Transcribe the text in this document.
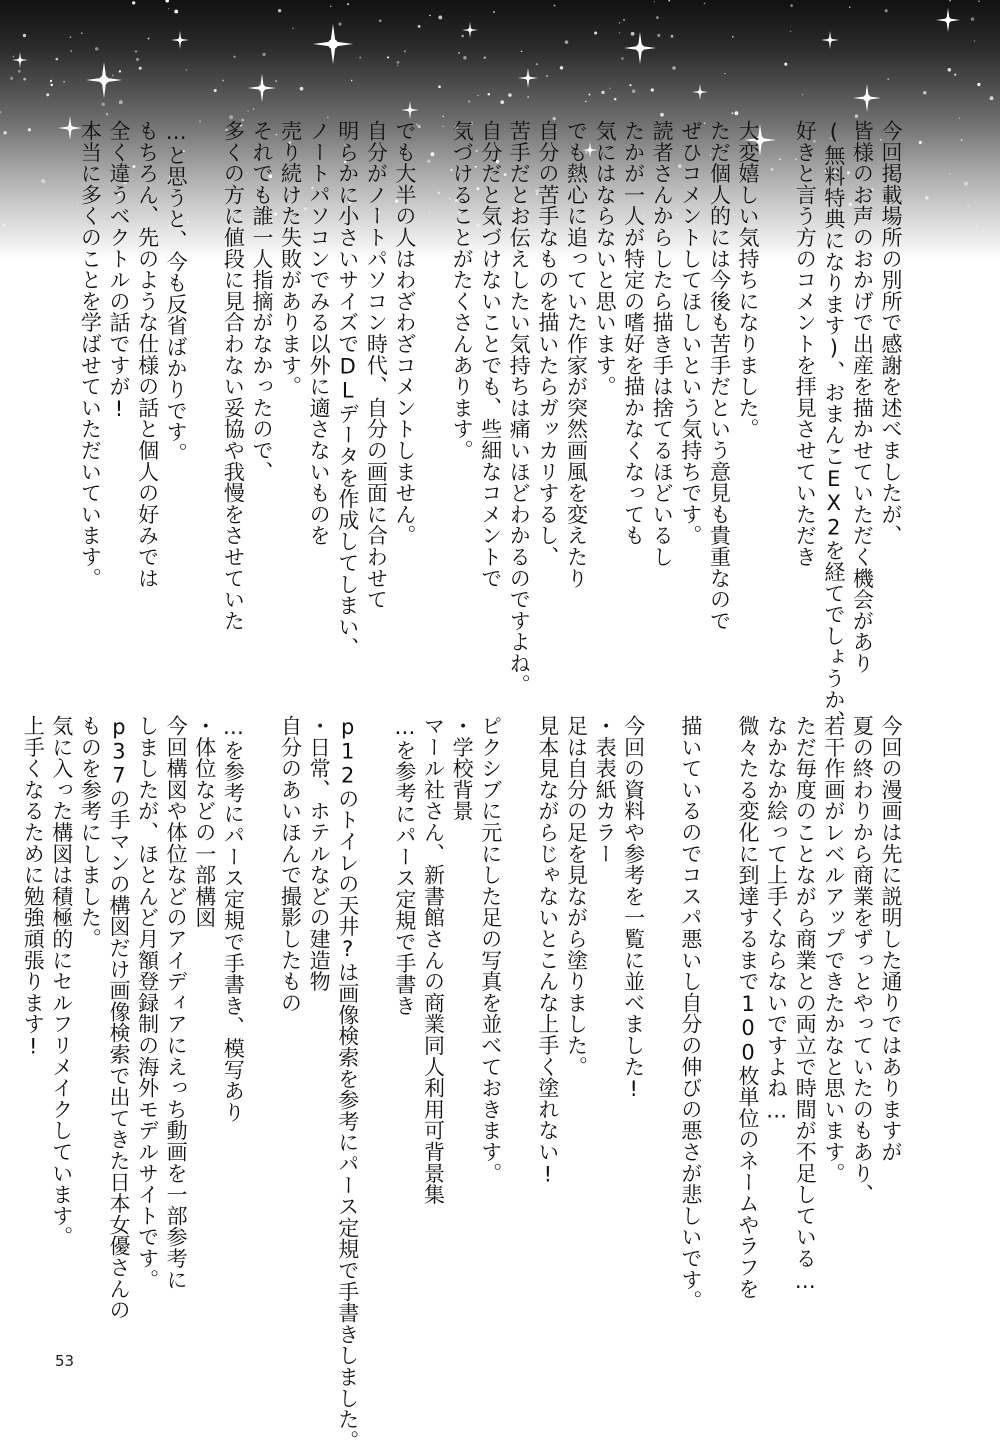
今回掲載場所の別所で感謝を述べましたが、

皆様のお声のおかげで出産を描かせていただく機会があり

(無料特典になります)、おまんこEX2を経てでしょうか、

好きと言う方のコメントを拝見させていただき

大変嬉しい気持ちになりました。

ただ個人的には今後も苦手だという意見も貴重なので

ぜひコメントしてほしいという気持ちです。

読者さんからしたら描き手は捨てるほどいるし

たかが一人が特定の嗜好を描かなくなっても

気にはならないと思います。

でも熱心に追っていた作家が突然画風を変えたり

自分の苦手なものを描いたらガッカリするし、

苦手だとお伝えしたい気持ちは痛いほどわかるのですよね。

自分だと気づけないことでも、些細なコメントで

気づけることがたくさんあります。

でも大半の人はわざわざコメントしません。

自分がノートパソコン時代、自分の画面に合わせて

明らかに小さいサイズでDLデータを作成してしまい、

ノートパソコンでみる以外に適さないものを

売り続けた失敗があります。

それでも誰一人指摘がなかったので、

多くの方に値段に見合わない妥協や我慢をさせていた

…と思うと、今も反省ばかりです。

もちろん、先のような仕様の話と個人の好みでは

全く違うベクトルの話ですが!

本当に多くのことを学ばせていただいています。

今回の漫画は先に説明した通りではありますが

夏の終わりから商業をずっとやっていたのもあり、

若干作画がレベルアップできたかなと思います。

ただ毎度のことながら商業との両立で時間が不足している…

なかなか絵って上手くならないですよね…

微々たる変化に到達するまで100枚単位のネームやラフを

描いているのでコスパ悪いし自分の伸びの悪さが悲しいです。

今回の資料や参考を一覧に並べました!

・表表紙カラー

足は自分の足を見ながら塗りました。

見本見ながらじゃないとこんな上手く塗れない!

ピクシブに元にした足の写真を並べておきます。

・学校背景

マール社さん、新書館さんの商業同人利用可背景集

…を参考にパース定規で手書き

p12のトイレの天井?は画像検索を参考にパース定規で手書きしました。

・日常、ホテルなどの建造物

自分のあいほんで撮影したもの

…を参考にパース定規で手書き、模写あり

・体位などの一部構図

今回構図や体位などのアイディアにえっち動画を一部参考に

しましたが、ほとんど月額登録制の海外モデルサイトです。

p37の手マンの構図だけ画像検索で出てきた日本女優さんの

ものを参考にしました。

気に入った構図は積極的にセルフリメイクしています。

上手くなるために勉強頑張ります!

53
